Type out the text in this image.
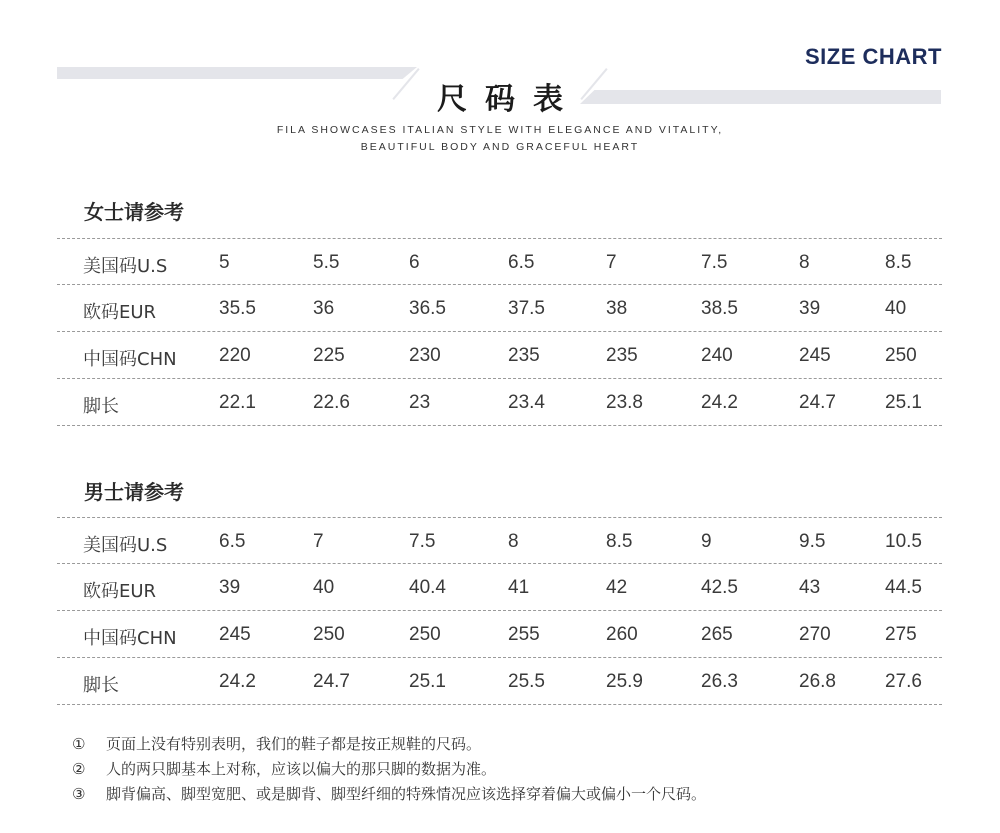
SIZE CHART
尺码表
FILA SHOWCASES ITALIAN STYLE WITH ELEGANCE AND VITALITY,
BEAUTIFUL BODY AND GRACEFUL HEART
女士请参考
美国码U.S	5	5.5	6	6.5	7	7.5	8	8.5
欧码EUR	35.5	36	36.5	37.5	38	38.5	39	40
中国码CHN 220	225	230	235	235	240	245	250
脚长	22.1	22.6	23	23.4	23.8	24.2	24.7	25.1
男士请参考
美国码U.S	6.5	7	7.5	8	8.5	9	9.5	10.5
欧码EUR	39	40	40.4	41	42	42.5	43	44.5
中国码CHN 245	250	250	255	260	265	270	275
脚长	24.2	24.7	25.1	25.5	25.9	26.3	26.8	27.6
①	页面上没有特别表明，我们的鞋子都是按正规鞋的尺码。
②	人的两只脚基本上对称，应该以偏大的那只脚的数据为准。
③	脚背偏高、脚型宽肥、或是脚背、脚型纤细的特殊情况应该选择穿着偏大或偏小一个尺码。
